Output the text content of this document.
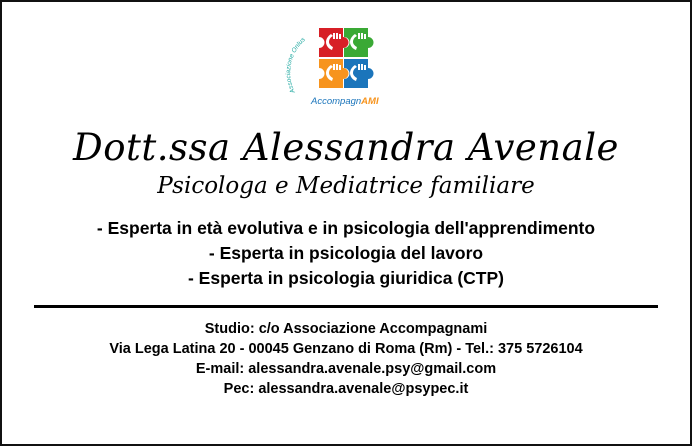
Associazione Onlus
AccompagnAMI
Dott.ssa Alessandra Avenale
Psicologa e Mediatrice familiare
- Esperta in età evolutiva e in psicologia dell'apprendimento
- Esperta in psicologia del lavoro
- Esperta in psicologia giuridica (CTP)
Studio: c/o Associazione Accompagnami
Via Lega Latina 20 - 00045 Genzano di Roma (Rm) - Tel.: 375 5726104
E-mail: alessandra.avenale.psy@gmail.com
Pec: alessandra.avenale@psypec.it
